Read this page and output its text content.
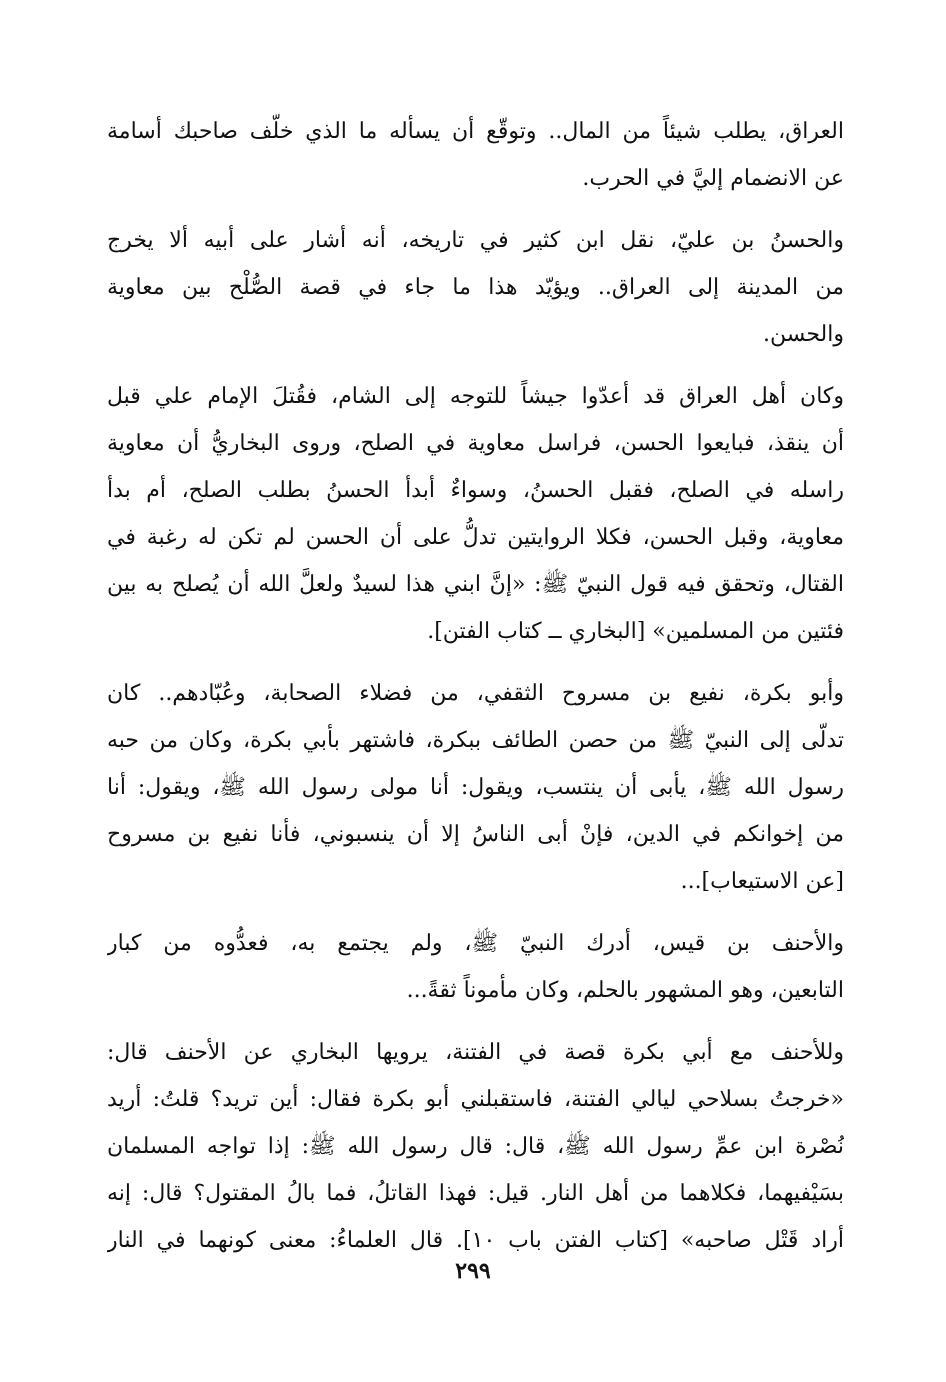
العراق، يطلب شيئاً من المال.. وتوقّع أن يسأله ما الذي خلّف صاحبك أسامة
عن الانضمام إليَّ في الحرب.
والحسنُ بن عليّ، نقل ابن كثير في تاريخه، أنه أشار على أبيه ألا يخرج
من المدينة إلى العراق.. ويؤيّد هذا ما جاء في قصة الصُّلْح بين معاوية
والحسن.
وكان أهل العراق قد أعدّوا جيشاً للتوجه إلى الشام، فقُتلَ الإمام علي قبل
أن ينقذ، فبايعوا الحسن، فراسل معاوية في الصلح، وروى البخاريُّ أن معاوية
راسله في الصلح، فقبل الحسنُ، وسواءٌ أبدأ الحسنُ بطلب الصلح، أم بدأ
معاوية، وقبل الحسن، فكلا الروايتين تدلُّ على أن الحسن لم تكن له رغبة في
القتال، وتحقق فيه قول النبيّ ﷺ: «إنَّ ابني هذا لسيدٌ ولعلَّ الله أن يُصلح به بين
فئتين من المسلمين» [البخاري ــ كتاب الفتن].
وأبو بكرة، نفيع بن مسروح الثقفي، من فضلاء الصحابة، وعُبّادهم.. كان
تدلّى إلى النبيّ ﷺ من حصن الطائف ببكرة، فاشتهر بأبي بكرة، وكان من حبه
رسول الله ﷺ، يأبى أن ينتسب، ويقول: أنا مولى رسول الله ﷺ، ويقول: أنا
من إخوانكم في الدين، فإنْ أبى الناسُ إلا أن ينسبوني، فأنا نفيع بن مسروح
[عن الاستيعاب]...
والأحنف بن قيس، أدرك النبيّ ﷺ، ولم يجتمع به، فعدُّوه من كبار
التابعين، وهو المشهور بالحلم، وكان مأموناً ثقةً...
وللأحنف مع أبي بكرة قصة في الفتنة، يرويها البخاري عن الأحنف قال:
«خرجتُ بسلاحي ليالي الفتنة، فاستقبلني أبو بكرة فقال: أين تريد؟ قلتُ: أريد
نُصْرة ابن عمِّ رسول الله ﷺ، قال: قال رسول الله ﷺ: إذا تواجه المسلمان
بسَيْفيهما، فكلاهما من أهل النار. قيل: فهذا القاتلُ، فما بالُ المقتول؟ قال: إنه
أراد قَتْل صاحبه» [كتاب الفتن باب ١٠]. قال العلماءُ: معنى كونهما في النار
٢٩٩
